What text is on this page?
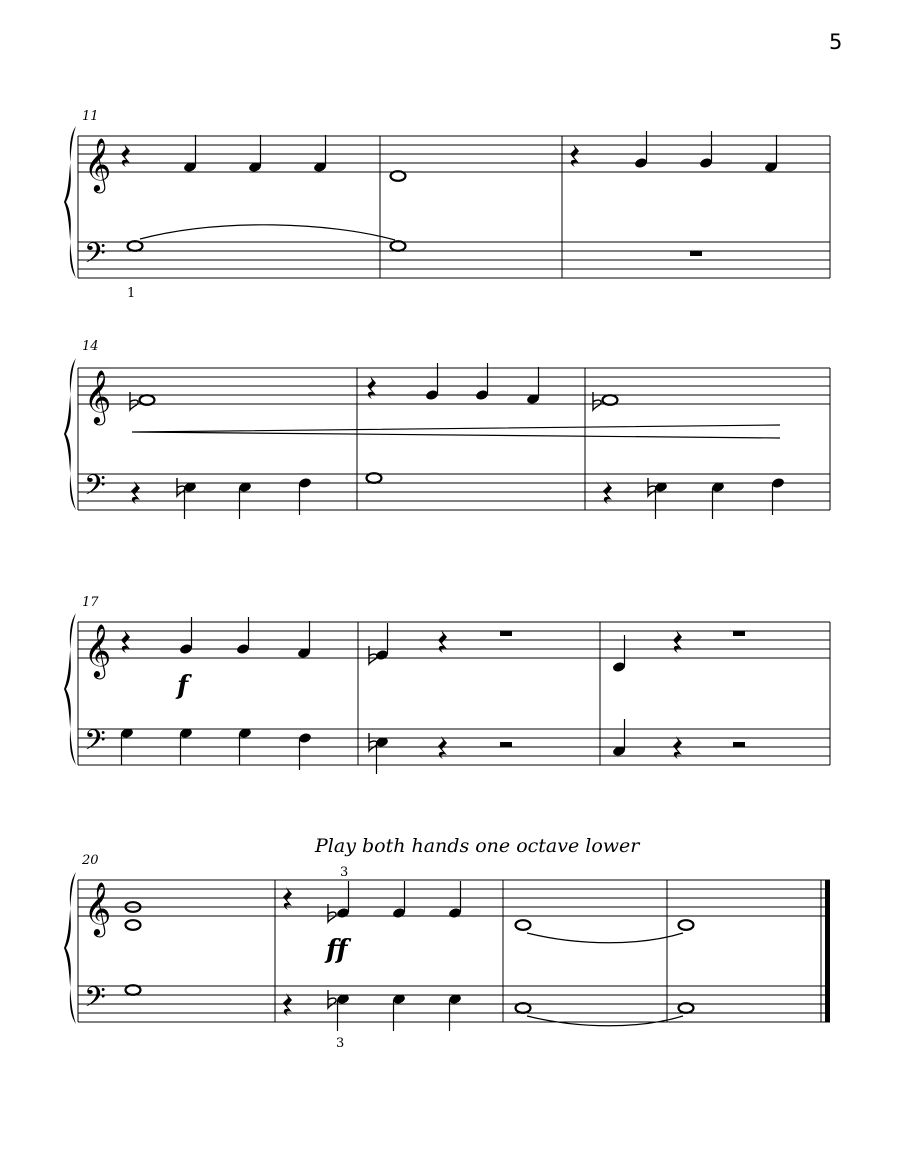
5
11
𝄞
𝄢
1
14
𝄞
𝄢
17
𝄞
𝄢
f
Play both hands one octave lower
20
𝄞
𝄢
3
ff
3
